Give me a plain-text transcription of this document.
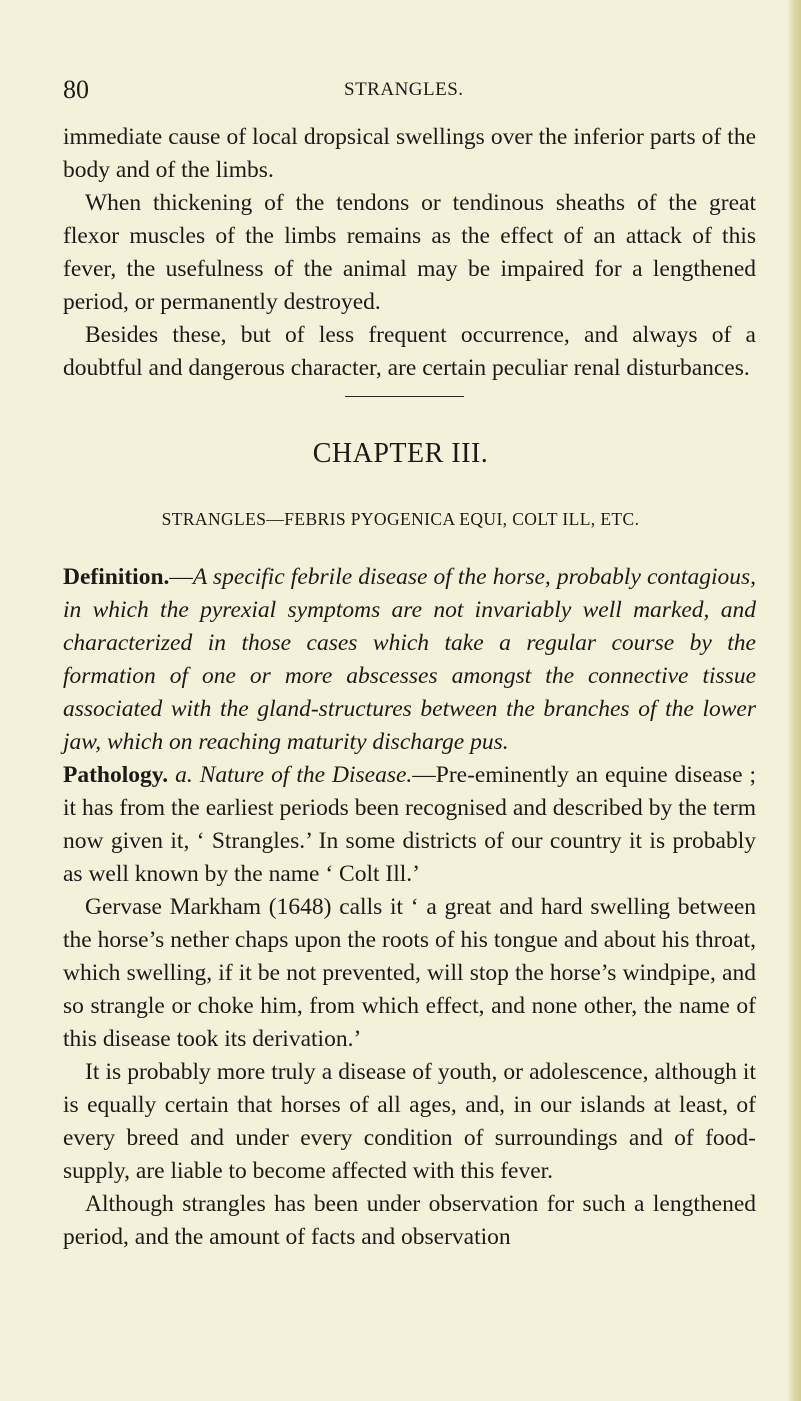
80	STRANGLES.

immediate cause of local dropsical swellings over the inferior parts of the body and of the limbs.

When thickening of the tendons or tendinous sheaths of the great flexor muscles of the limbs remains as the effect of an attack of this fever, the usefulness of the animal may be impaired for a lengthened period, or permanently destroyed.

Besides these, but of less frequent occurrence, and always of a doubtful and dangerous character, are certain peculiar renal disturbances.

CHAPTER III.
STRANGLES—FEBRIS PYOGENICA EQUI, COLT ILL, ETC.

Definition.—A specific febrile disease of the horse, probably contagious, in which the pyrexial symptoms are not invariably well marked, and characterized in those cases which take a regular course by the formation of one or more abscesses amongst the connective tissue associated with the gland-structures between the branches of the lower jaw, which on reaching maturity discharge pus.

Pathology. a. Nature of the Disease.—Pre-eminently an equine disease ; it has from the earliest periods been recognised and described by the term now given it, ‘ Strangles.’ In some districts of our country it is probably as well known by the name ‘ Colt Ill.’

Gervase Markham (1648) calls it ‘ a great and hard swelling between the horse’s nether chaps upon the roots of his tongue and about his throat, which swelling, if it be not prevented, will stop the horse’s windpipe, and so strangle or choke him, from which effect, and none other, the name of this disease took its derivation.’

It is probably more truly a disease of youth, or adolescence, although it is equally certain that horses of all ages, and, in our islands at least, of every breed and under every condition of surroundings and of food-supply, are liable to become affected with this fever.

Although strangles has been under observation for such a lengthened period, and the amount of facts and observation
